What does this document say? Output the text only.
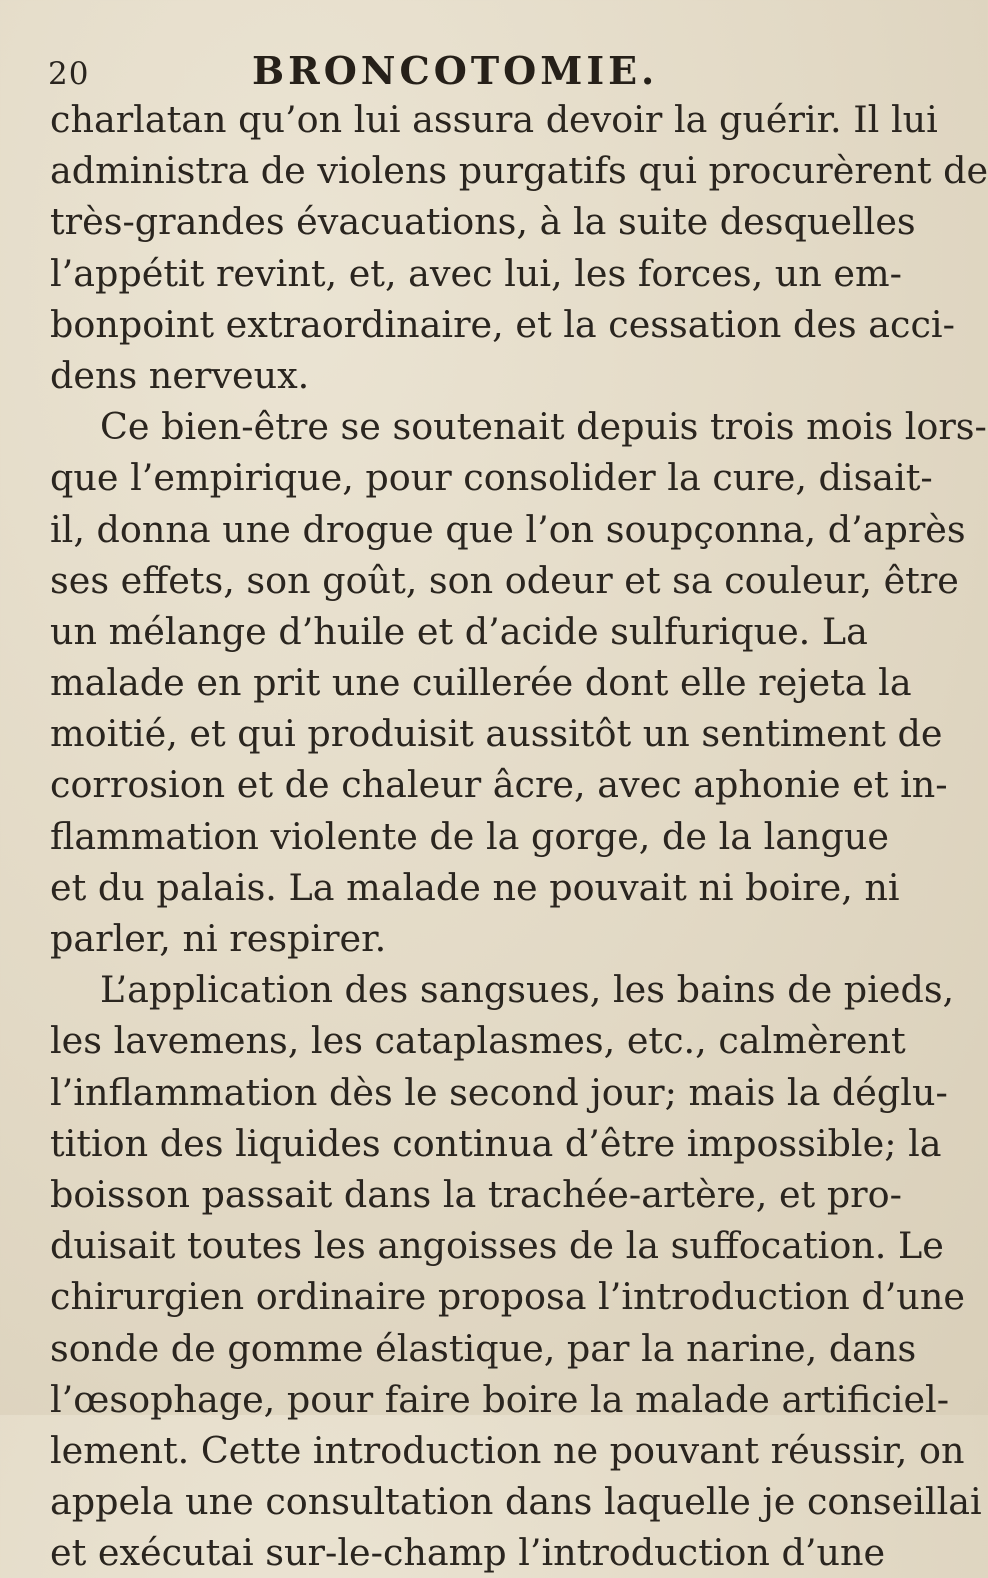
20	BRONCOTOMIE.
charlatan qu’on lui assura devoir la guérir. Il lui
administra de violens purgatifs qui procurèrent de
très-grandes évacuations, à la suite desquelles
l’appétit revint, et, avec lui, les forces, un em-
bonpoint extraordinaire, et la cessation des acci-
dens nerveux.
Ce bien-être se soutenait depuis trois mois lors-
que l’empirique, pour consolider la cure, disait-
il, donna une drogue que l’on soupçonna, d’après
ses effets, son goût, son odeur et sa couleur, être
un mélange d’huile et d’acide sulfurique. La
malade en prit une cuillerée dont elle rejeta la
moitié, et qui produisit aussitôt un sentiment de
corrosion et de chaleur âcre, avec aphonie et in-
flammation violente de la gorge, de la langue
et du palais. La malade ne pouvait ni boire, ni
parler, ni respirer.
L’application des sangsues, les bains de pieds,
les lavemens, les cataplasmes, etc., calmèrent
l’inflammation dès le second jour; mais la déglu-
tition des liquides continua d’être impossible; la
boisson passait dans la trachée-artère, et pro-
duisait toutes les angoisses de la suffocation. Le
chirurgien ordinaire proposa l’introduction d’une
sonde de gomme élastique, par la narine, dans
l’œsophage, pour faire boire la malade artificiel-
lement. Cette introduction ne pouvant réussir, on
appela une consultation dans laquelle je conseillai
et exécutai sur-le-champ l’introduction d’une
